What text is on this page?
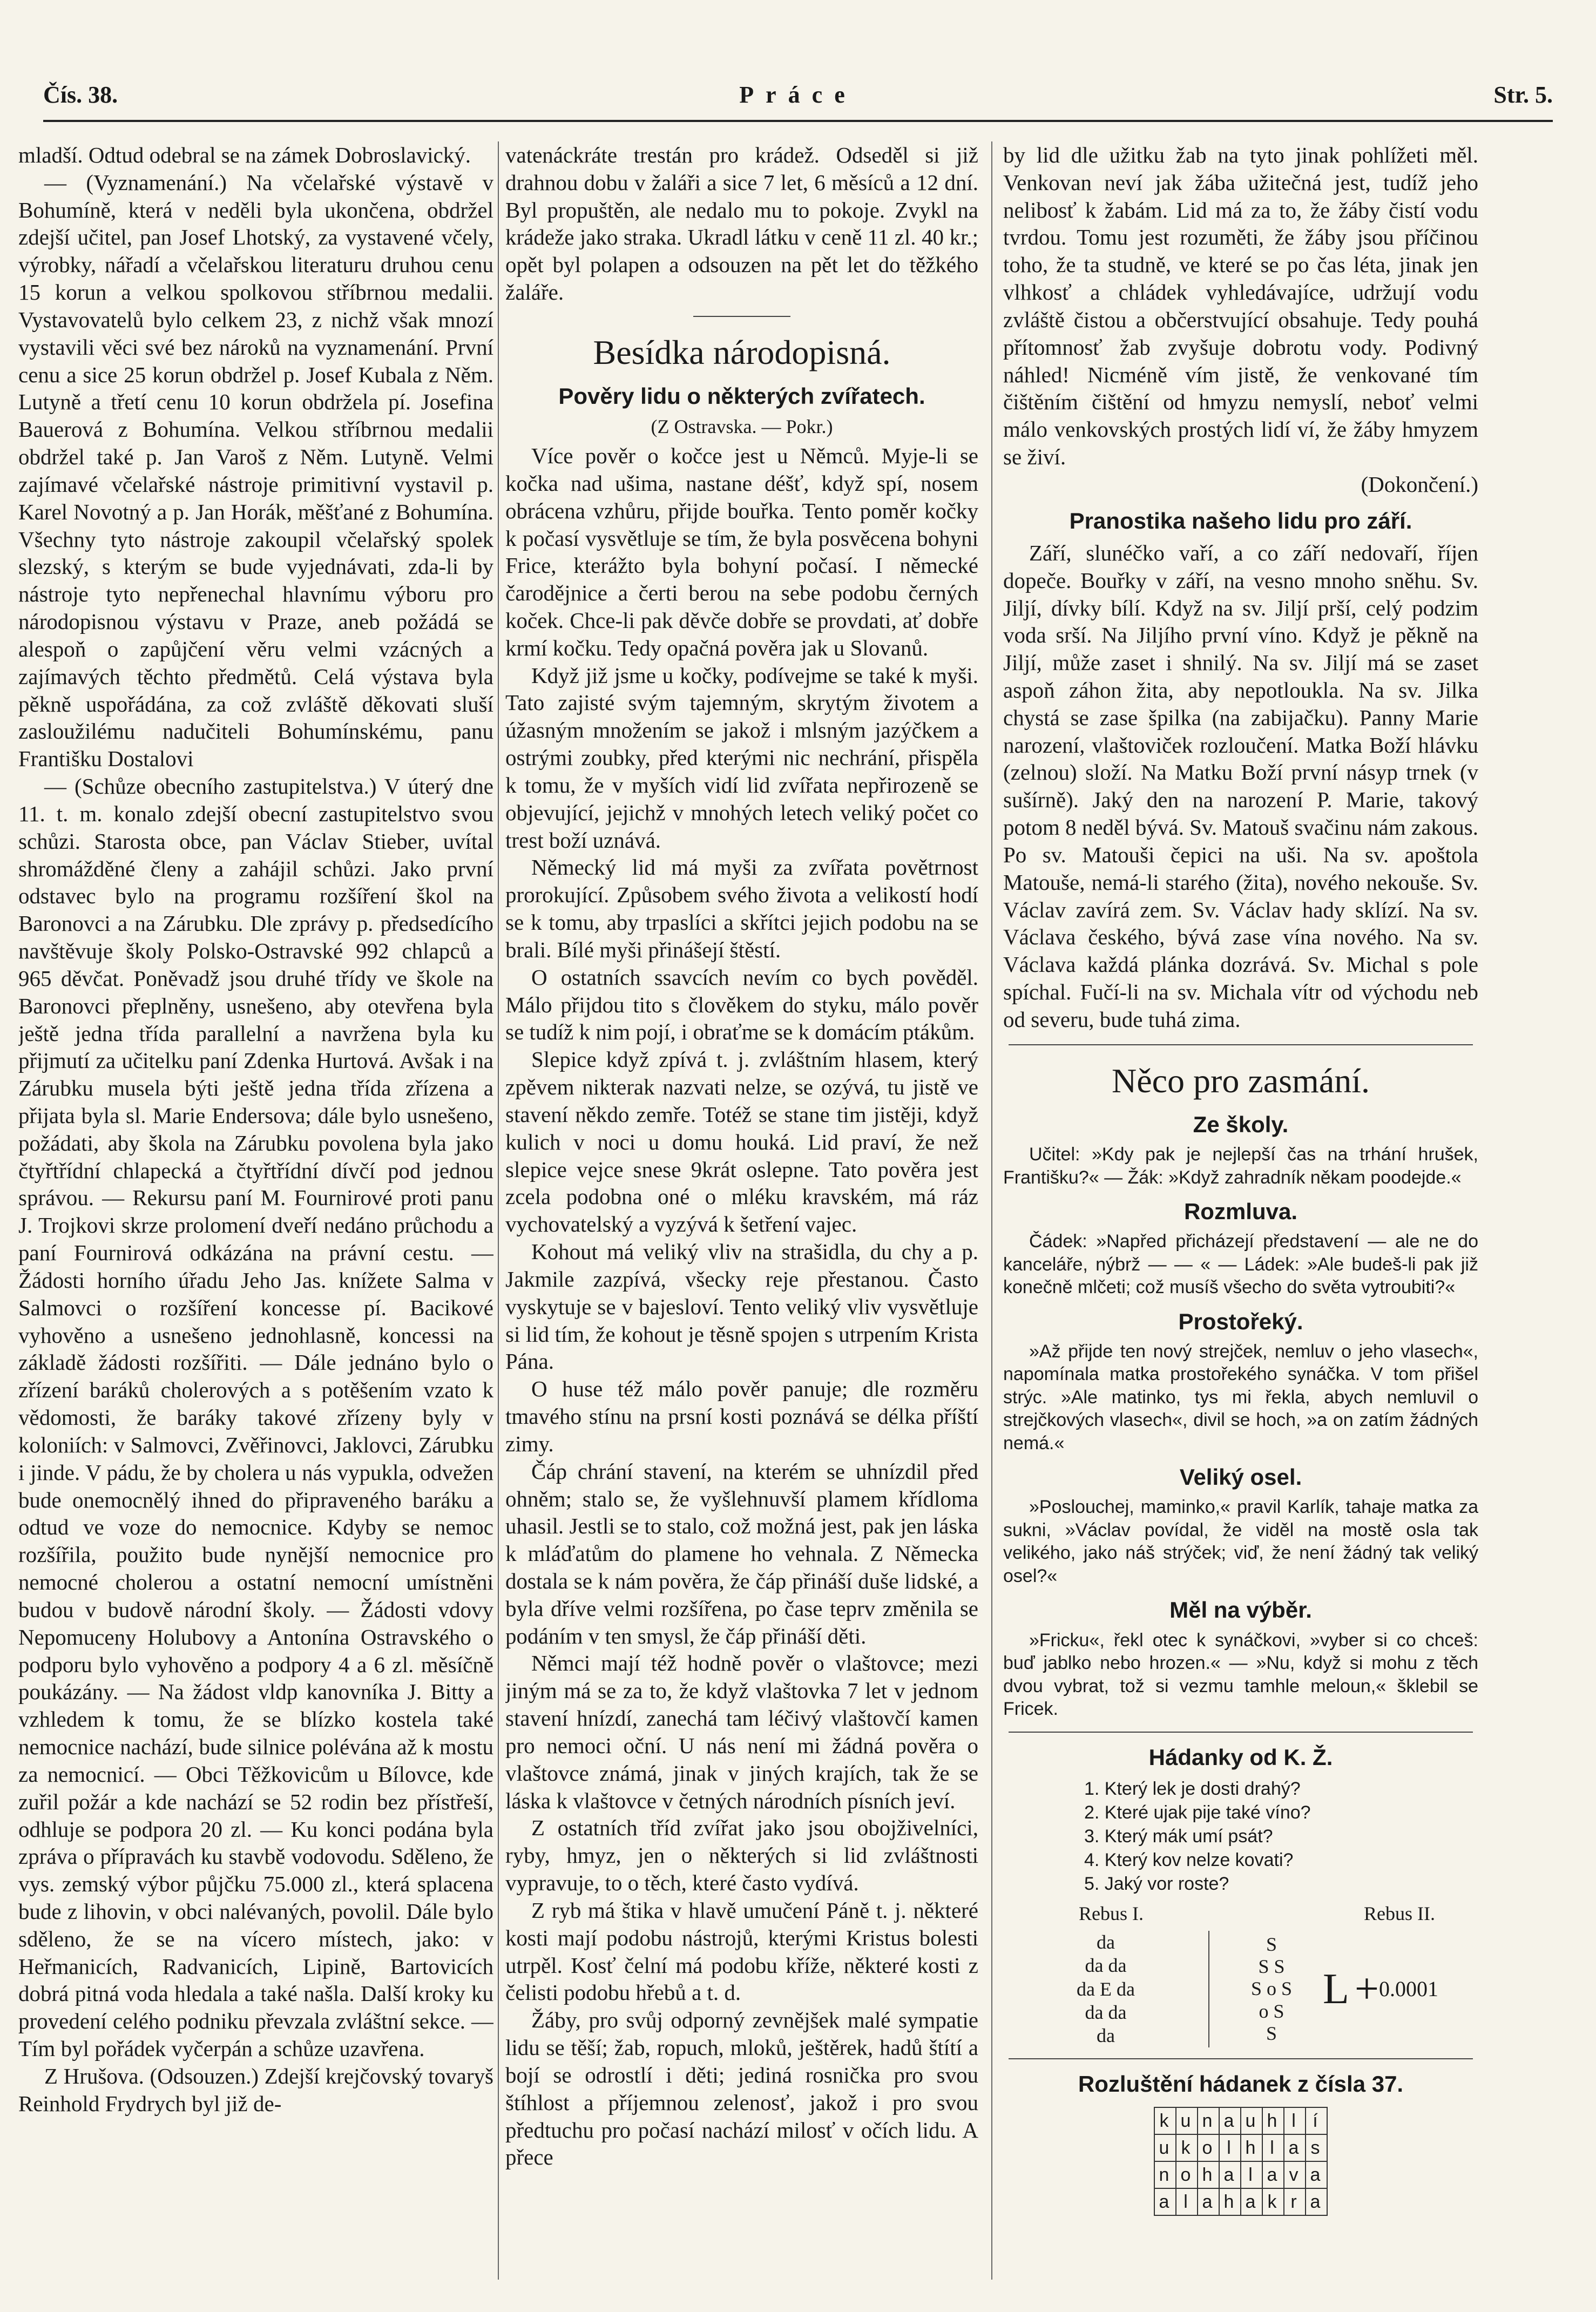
Čís. 38.	Práce	Str. 5.

mladší. Odtud odebral se na zámek Dobroslavický.

— (Vyznamenání.) Na včelařské výstavě v Bohumíně, která v neděli byla ukončena, obdržel zdejší učitel, pan Josef Lhotský, za vystavené včely, výrobky, nářadí a včelařskou literaturu druhou cenu 15 korun a velkou spolkovou stříbrnou medalii. Vystavovatelů bylo celkem 23, z nichž však mnozí vystavili věci své bez nároků na vyznamenání. První cenu a sice 25 korun obdržel p. Josef Kubala z Něm. Lutyně a třetí cenu 10 korun obdržela pí. Josefina Bauerová z Bohumína. Velkou stříbrnou medalii obdržel také p. Jan Varoš z Něm. Lutyně. Velmi zajímavé včelařské nástroje primitivní vystavil p. Karel Novotný a p. Jan Horák, měšťané z Bohumína. Všechny tyto nástroje zakoupil včelařský spolek slezský, s kterým se bude vyjednávati, zda-li by nástroje tyto nepřenechal hlavnímu výboru pro národopisnou výstavu v Praze, aneb požádá se alespoň o zapůjčení věru velmi vzácných a zajímavých těchto předmětů. Celá výstava byla pěkně uspořádána, za což zvláště děkovati sluší zasloužilému nadučiteli Bohumínskému, panu Františku Dostalovi

— (Schůze obecního zastupitelstva.) V úterý dne 11. t. m. konalo zdejší obecní zastupitelstvo svou schůzi. Starosta obce, pan Václav Stieber, uvítal shromážděné členy a zahájil schůzi. Jako první odstavec bylo na programu rozšíření škol na Baronovci a na Zárubku. Dle zprávy p. předsedícího navštěvuje školy Polsko-Ostravské 992 chlapců a 965 děvčat. Poněvadž jsou druhé třídy ve škole na Baronovci přeplněny, usnešeno, aby otevřena byla ještě jedna třída parallelní a navržena byla ku přijmutí za učitelku paní Zdenka Hurtová. Avšak i na Zárubku musela býti ještě jedna třída zřízena a přijata byla sl. Marie Endersova; dále bylo usnešeno, požádati, aby škola na Zárubku povolena byla jako čtyřtřídní chlapecká a čtyřtřídní dívčí pod jednou správou. — Rekursu paní M. Fournirové proti panu J. Trojkovi skrze prolomení dveří nedáno průchodu a paní Fournirová odkázána na právní cestu. — Žádosti horního úřadu Jeho Jas. knížete Salma v Salmovci o rozšíření koncesse pí. Bacikové vyhověno a usnešeno jednohlasně, koncessi na základě žádosti rozšířiti. — Dále jednáno bylo o zřízení baráků cholerových a s potěšením vzato k vědomosti, že baráky takové zřízeny byly v koloniích: v Salmovci, Zvěřinovci, Jaklovci, Zárubku i jinde. V pádu, že by cholera u nás vypukla, odvežen bude onemocnělý ihned do připraveného baráku a odtud ve voze do nemocnice. Kdyby se nemoc rozšířila, použito bude nynější nemocnice pro nemocné cholerou a ostatní nemocní umístněni budou v budově národní školy. — Žádosti vdovy Nepomuceny Holubovy a Antonína Ostravského o podporu bylo vyhověno a podpory 4 a 6 zl. měsíčně poukázány. — Na žádost vldp kanovníka J. Bitty a vzhledem k tomu, že se blízko kostela také nemocnice nachází, bude silnice polévána až k mostu za nemocnicí. — Obci Těžkovicům u Bílovce, kde zuřil požár a kde nachází se 52 rodin bez přístřeší, odhluje se podpora 20 zl. — Ku konci podána byla zpráva o přípravách ku stavbě vodovodu. Sděleno, že vys. zemský výbor půjčku 75.000 zl., která splacena bude z lihovin, v obci nalévaných, povolil. Dále bylo sděleno, že se na vícero místech, jako: v Heřmanicích, Radvanicích, Lipině, Bartovicích dobrá pitná voda hledala a také našla. Další kroky ku provedení celého podniku převzala zvláštní sekce. — Tím byl pořádek vyčerpán a schůze uzavřena.

Z Hrušova. (Odsouzen.) Zdejší krejčovský tovaryš Reinhold Frydrych byl již de-

vatenáckráte trestán pro krádež. Odseděl si již drahnou dobu v žaláři a sice 7 let, 6 měsíců a 12 dní. Byl propuštěn, ale nedalo mu to pokoje. Zvykl na krádeže jako straka. Ukradl látku v ceně 11 zl. 40 kr.; opět byl polapen a odsouzen na pět let do těžkého žaláře.

Besídka národopisná.
Pověry lidu o některých zvířatech.
(Z Ostravska. — Pokr.)

Více pověr o kočce jest u Němců. Myje-li se kočka nad ušima, nastane déšť, když spí, nosem obrácena vzhůru, přijde bouřka. Tento poměr kočky k počasí vysvětluje se tím, že byla posvěcena bohyni Frice, kterážto byla bohyní počasí. I německé čarodějnice a čerti berou na sebe podobu černých koček. Chce-li pak děvče dobře se provdati, ať dobře krmí kočku. Tedy opačná pověra jak u Slovanů.

Když již jsme u kočky, podívejme se také k myši. Tato zajisté svým tajemným, skrytým životem a úžasným množením se jakož i mlsným jazýčkem a ostrými zoubky, před kterými nic nechrání, přispěla k tomu, že v myších vidí lid zvířata nepřirozeně se objevující, jejichž v mnohých letech veliký počet co trest boží uznává.

Německý lid má myši za zvířata povětrnost prorokující. Způsobem svého života a velikostí hodí se k tomu, aby trpaslíci a skřítci jejich podobu na se brali. Bílé myši přinášejí štěstí.

O ostatních ssavcích nevím co bych pověděl. Málo přijdou tito s člověkem do styku, málo pověr se tudíž k nim pojí, i obraťme se k domácím ptákům.

Slepice když zpívá t. j. zvláštním hlasem, který zpěvem nikterak nazvati nelze, se ozývá, tu jistě ve stavení někdo zemře. Totéž se stane tim jistěji, když kulich v noci u domu houká. Lid praví, že než slepice vejce snese 9krát oslepne. Tato pověra jest zcela podobna oné o mléku kravském, má ráz vychovatelský a vyzývá k šetření vajec.

Kohout má veliký vliv na strašidla, du chy a p. Jakmile zazpívá, všecky reje přestanou. Často vyskytuje se v bajesloví. Tento veliký vliv vysvětluje si lid tím, že kohout je těsně spojen s utrpením Krista Pána.

O huse též málo pověr panuje; dle rozměru tmavého stínu na prsní kosti poznává se délka příští zimy.

Čáp chrání stavení, na kterém se uhnízdil před ohněm; stalo se, že vyšlehnuvší plamem křídloma uhasil. Jestli se to stalo, což možná jest, pak jen láska k mláďatům do plamene ho vehnala. Z Německa dostala se k nám pověra, že čáp přináší duše lidské, a byla dříve velmi rozšířena, po čase teprv změnila se podáním v ten smysl, že čáp přináší děti.

Němci mají též hodně pověr o vlaštovce; mezi jiným má se za to, že když vlaštovka 7 let v jednom stavení hnízdí, zanechá tam léčivý vlaštovčí kamen pro nemoci oční. U nás není mi žádná pověra o vlaštovce známá, jinak v jiných krajích, tak že se láska k vlaštovce v četných národních písních jeví.

Z ostatních tříd zvířat jako jsou obojživelníci, ryby, hmyz, jen o některých si lid zvláštnosti vypravuje, to o těch, které často vydívá.

Z ryb má štika v hlavě umučení Páně t. j. některé kosti mají podobu nástrojů, kterými Kristus bolesti utrpěl. Kosť čelní má podobu kříže, některé kosti z čelisti podobu hřebů a t. d.

Žáby, pro svůj odporný zevnějšek malé sympatie lidu se těší; žab, ropuch, mloků, ještěrek, hadů štítí a bojí se odrostlí i děti; jediná rosnička pro svou štíhlost a příjemnou zelenosť, jakož i pro svou předtuchu pro počasí nachází milosť v očích lidu. A přece

by lid dle užitku žab na tyto jinak pohlížeti měl. Venkovan neví jak žába užitečná jest, tudíž jeho nelibosť k žabám. Lid má za to, že žáby čistí vodu tvrdou. Tomu jest rozuměti, že žáby jsou příčinou toho, že ta studně, ve které se po čas léta, jinak jen vlhkosť a chládek vyhledávajíce, udržují vodu zvláště čistou a občerstvující obsahuje. Tedy pouhá přítomnosť žab zvyšuje dobrotu vody. Podivný náhled! Nicméně vím jistě, že venkované tím čištěním čištění od hmyzu nemyslí, neboť velmi málo venkovských prostých lidí ví, že žáby hmyzem se živí.

(Dokončení.)
Pranostika našeho lidu pro září.

Září, slunéčko vaří, a co září nedovaří, říjen dopeče. Bouřky v září, na vesno mnoho sněhu. Sv. Jiljí, dívky bílí. Když na sv. Jiljí prší, celý podzim voda srší. Na Jiljího první víno. Když je pěkně na Jiljí, může zaset i shnilý. Na sv. Jiljí má se zaset aspoň záhon žita, aby nepotloukla. Na sv. Jilka chystá se zase špilka (na zabijačku). Panny Marie narození, vlaštoviček rozloučení. Matka Boží hlávku (zelnou) složí. Na Matku Boží první násyp trnek (v sušírně). Jaký den na narození P. Marie, takový potom 8 neděl bývá. Sv. Matouš svačinu nám zakous. Po sv. Matouši čepici na uši. Na sv. apoštola Matouše, nemá-li starého (žita), nového nekouše. Sv. Václav zavírá zem. Sv. Václav hady sklízí. Na sv. Václava českého, bývá zase vína nového. Na sv. Václava každá plánka dozrává. Sv. Michal s pole spíchal. Fučí-li na sv. Michala vítr od východu neb od severu, bude tuhá zima.

Něco pro zasmání.
Ze školy.

Učitel: »Kdy pak je nejlepší čas na trhání hrušek, Františku?« — Žák: »Když zahradník někam poodejde.«

Rozmluva.

Čádek: »Napřed přicházejí představení — ale ne do kanceláře, nýbrž — — « — Ládek: »Ale budeš-li pak již konečně mlčeti; což musíš všecho do světa vytroubiti?«

Prostořeký.

»Až přijde ten nový strejček, nemluv o jeho vlasech«, napomínala matka prostořekého synáčka. V tom přišel strýc. »Ale matinko, tys mi řekla, abych nemluvil o strejčkových vlasech«, divil se hoch, »a on zatím žádných nemá.«

Veliký osel.

»Poslouchej, maminko,« pravil Karlík, tahaje matka za sukni, »Václav povídal, že viděl na mostě osla tak velikého, jako náš strýček; viď, že není žádný tak veliký osel?«

Měl na výběr.

»Fricku«, řekl otec k synáčkovi, »vyber si co chceš: buď jablko nebo hrozen.« — »Nu, když si mohu z těch dvou vybrat, tož si vezmu tamhle meloun,« šklebil se Fricek.

Hádanky od K. Ž.
1. Který lek je dosti drahý?
2. Které ujak pije také víno?
3. Který mák umí psát?
4. Který kov nelze kovati?
5. Jaký vor roste?
Rebus I.	Rebus II.
da
da da
da E da
da da
da
S
S S
S o S
o S
S
L + 0.0001
Rozluštění hádanek z čísla 37.
k	u	n	a	u	h	l	í
u	k	o	l	h	l	a	s
n	o	h	a	l	a	v	a
a	l	a	h	a	k	r	a
